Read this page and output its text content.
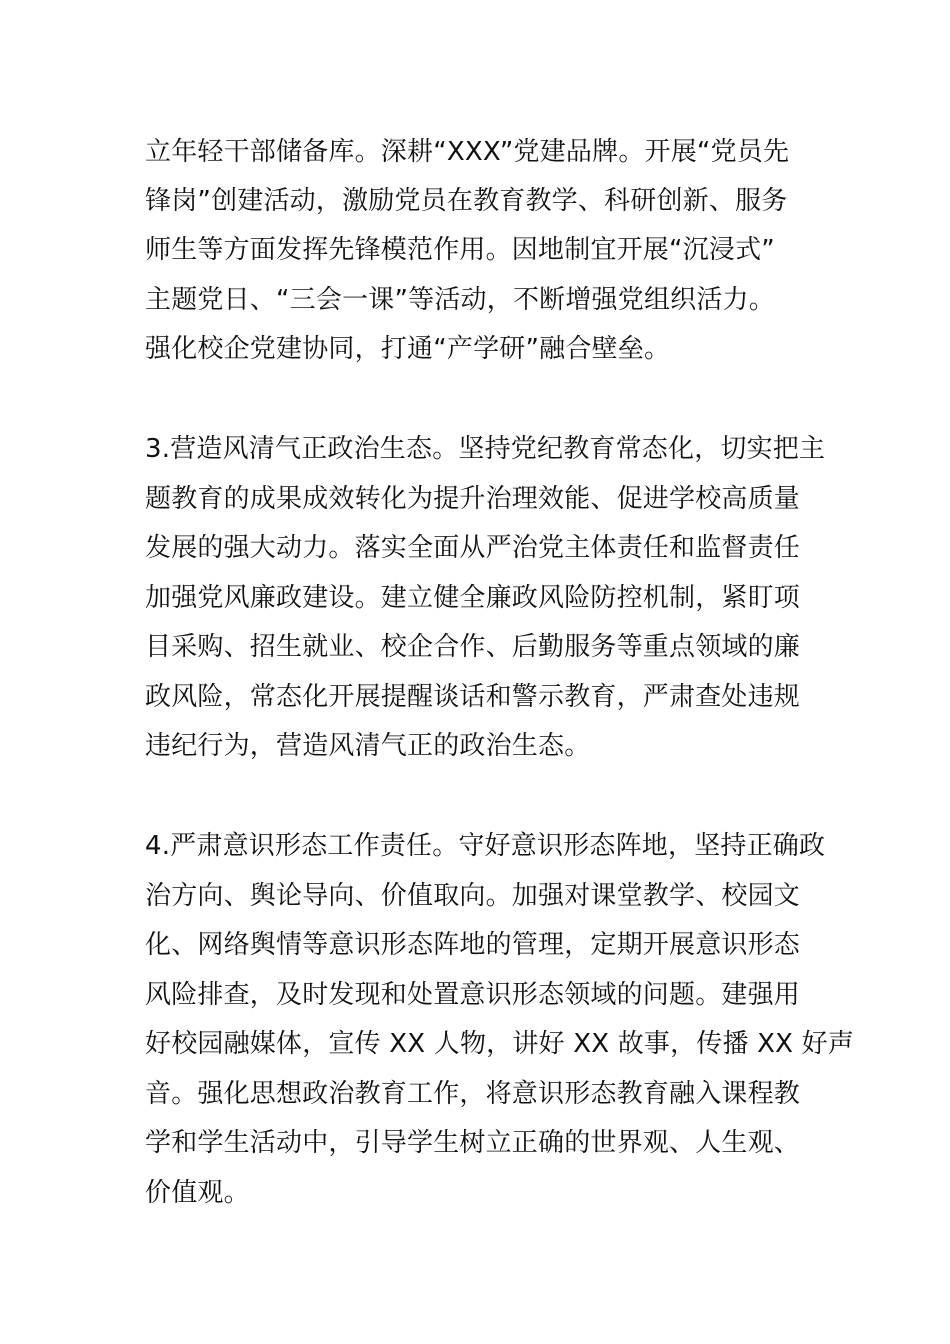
立年轻干部储备库。深耕“XXX”党建品牌。开展“党员先

锋岗”创建活动，激励党员在教育教学、科研创新、服务

师生等方面发挥先锋模范作用。因地制宜开展“沉浸式”

主题党日、“三会一课”等活动，不断增强党组织活力。

强化校企党建协同，打通“产学研”融合壁垒。

3.营造风清气正政治生态。坚持党纪教育常态化，切实把主

题教育的成果成效转化为提升治理效能、促进学校高质量

发展的强大动力。落实全面从严治党主体责任和监督责任

加强党风廉政建设。建立健全廉政风险防控机制，紧盯项

目采购、招生就业、校企合作、后勤服务等重点领域的廉

政风险，常态化开展提醒谈话和警示教育，严肃查处违规

违纪行为，营造风清气正的政治生态。

4.严肃意识形态工作责任。守好意识形态阵地，坚持正确政

治方向、舆论导向、价值取向。加强对课堂教学、校园文

化、网络舆情等意识形态阵地的管理，定期开展意识形态

风险排查，及时发现和处置意识形态领域的问题。建强用

好校园融媒体，宣传 XX 人物，讲好 XX 故事，传播 XX 好声

音。强化思想政治教育工作，将意识形态教育融入课程教

学和学生活动中，引导学生树立正确的世界观、人生观、

价值观。
